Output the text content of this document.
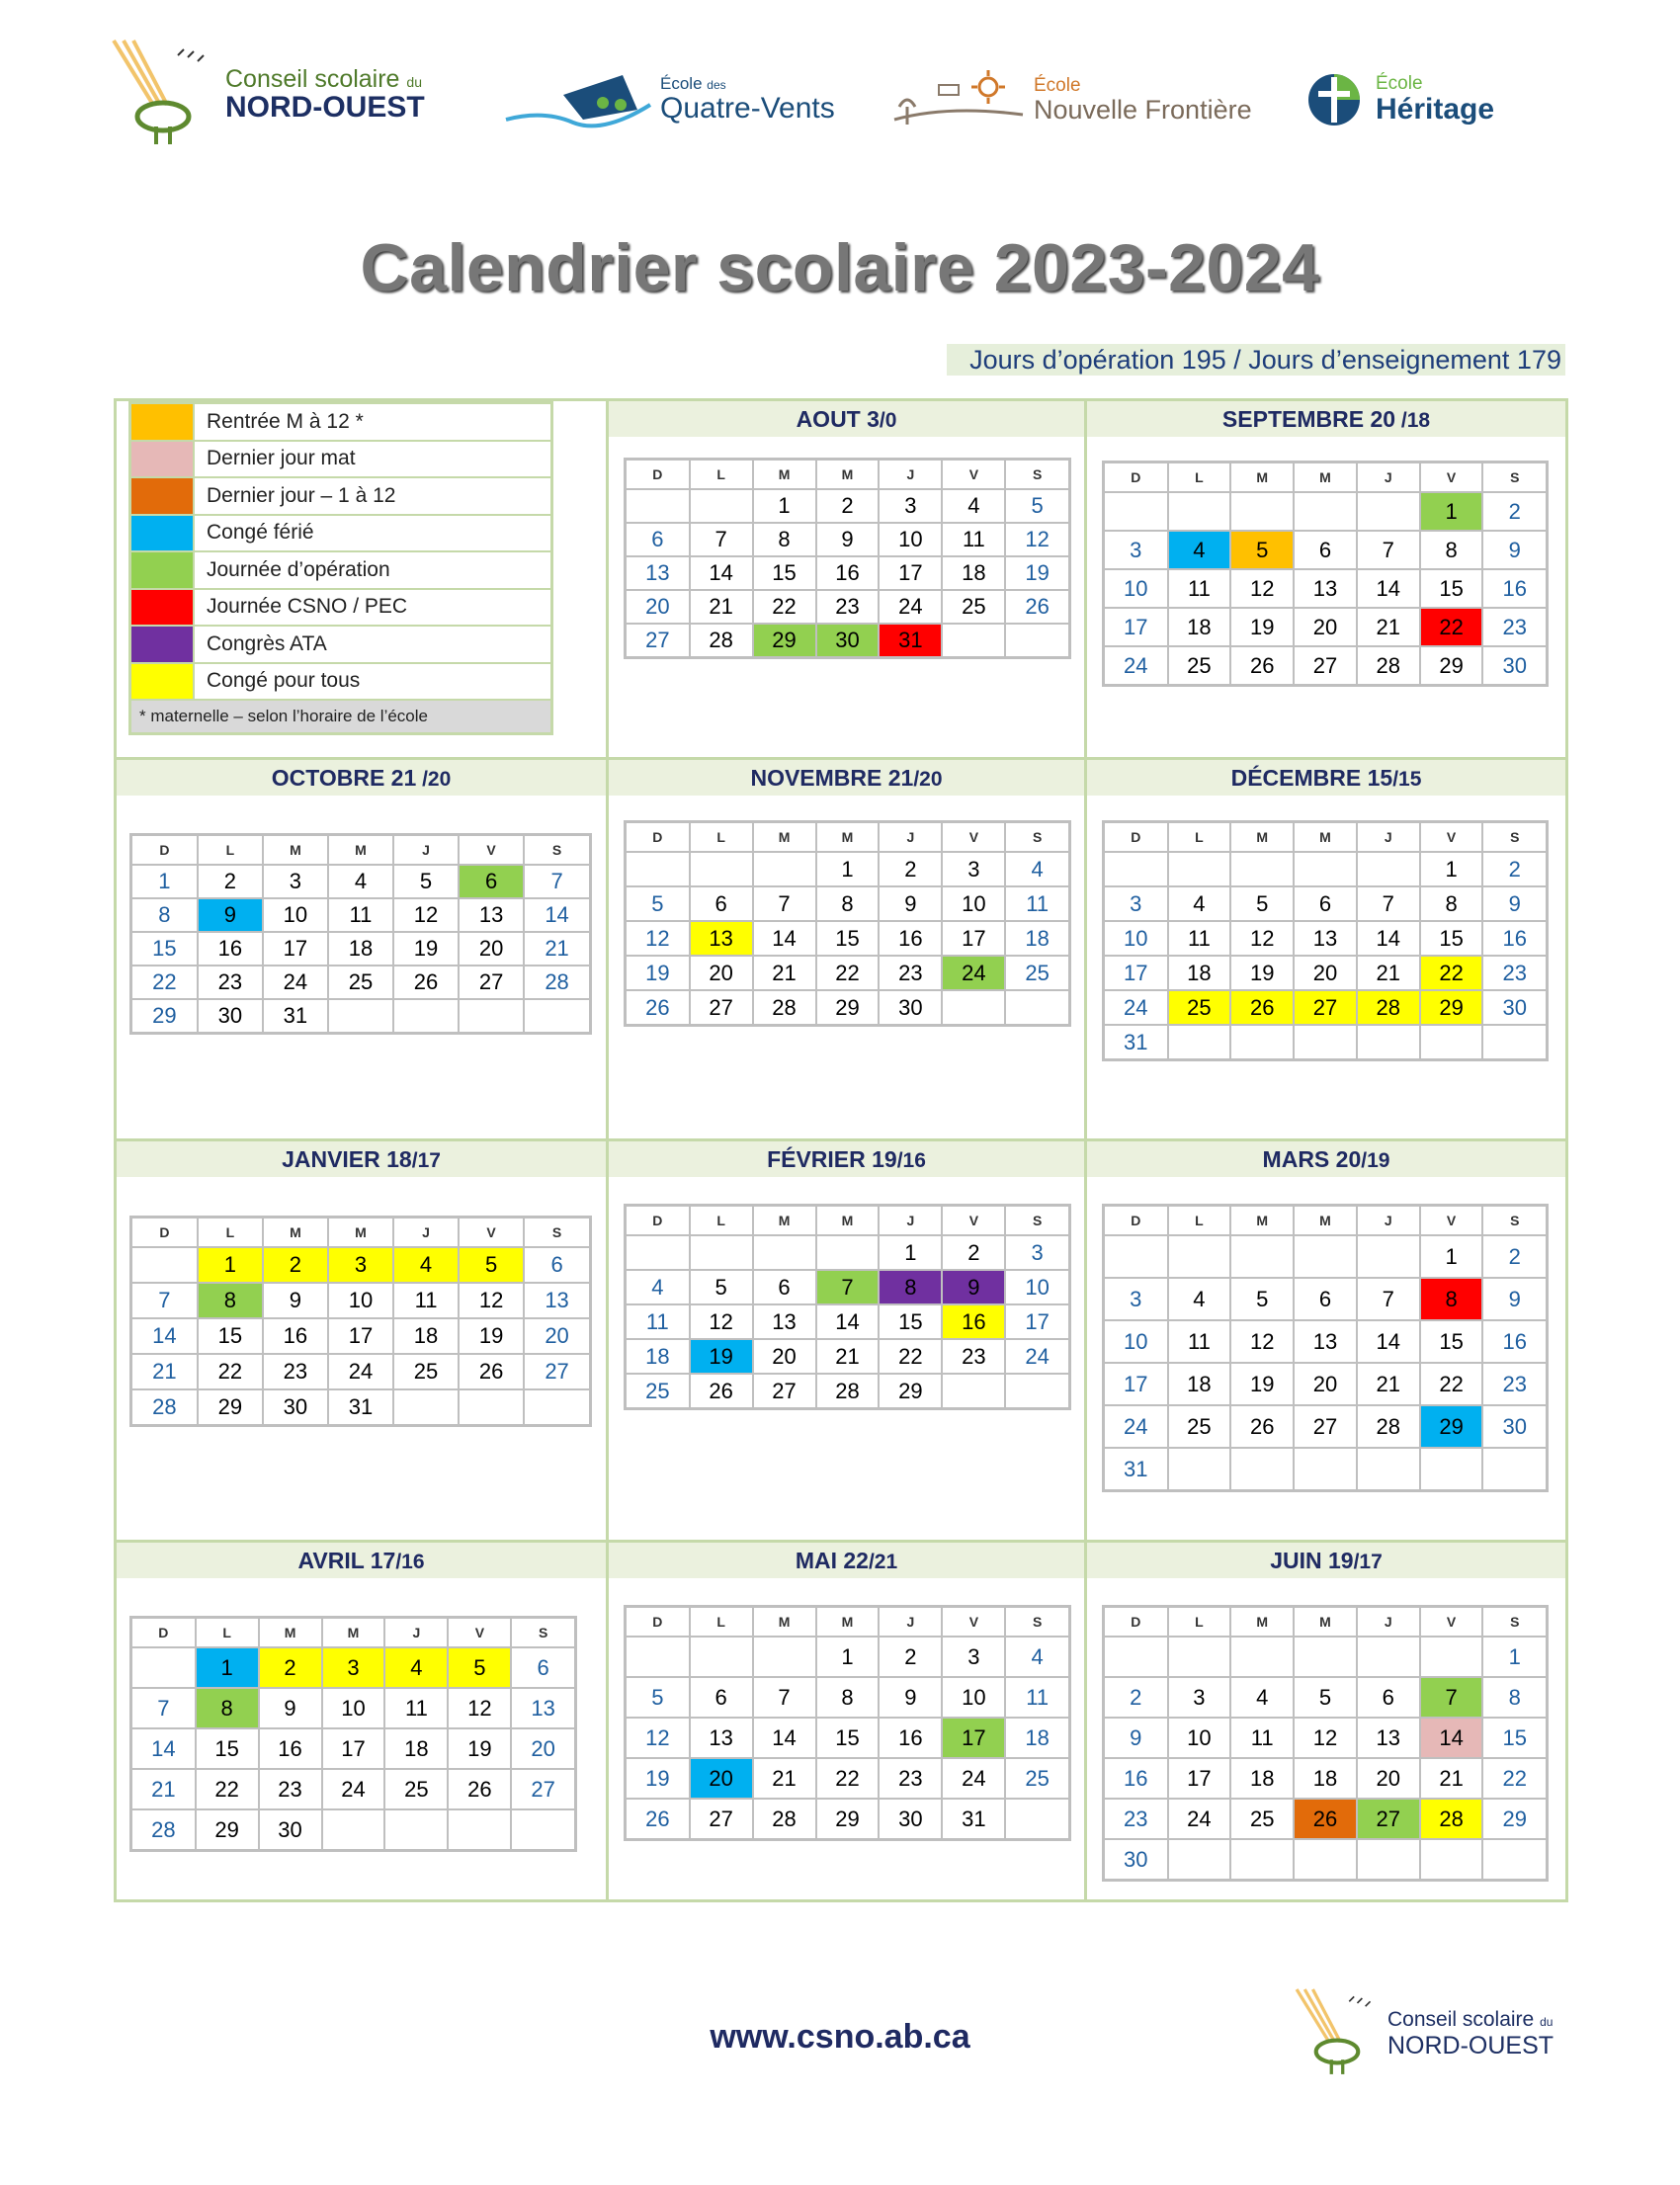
Conseil scolaire du
NORD-OUEST
École des
Quatre-Vents
École
Nouvelle Frontière
École
Héritage
Calendrier scolaire 2023-2024
Jours d’opération 195 / Jours d’enseignement 179
	Rentrée M à 12 *
	Dernier jour mat
	Dernier jour – 1 à 12
	Congé férié
	Journée d’opération
	Journée CSNO / PEC
	Congrès ATA
	Congé pour tous
* maternelle – selon l’horaire de l’école	
AOUT 3/0
D	L	M	M	J	V	S
		1	2	3	4	5
6	7	8	9	10	11	12
13	14	15	16	17	18	19
20	21	22	23	24	25	26
27	28	29	30	31		
SEPTEMBRE 20 /18
D	L	M	M	J	V	S
					1	2
3	4	5	6	7	8	9
10	11	12	13	14	15	16
17	18	19	20	21	22	23
24	25	26	27	28	29	30
OCTOBRE 21 /20
D	L	M	M	J	V	S
1	2	3	4	5	6	7
8	9	10	11	12	13	14
15	16	17	18	19	20	21
22	23	24	25	26	27	28
29	30	31				
NOVEMBRE 21/20
D	L	M	M	J	V	S
			1	2	3	4
5	6	7	8	9	10	11
12	13	14	15	16	17	18
19	20	21	22	23	24	25
26	27	28	29	30		
DÉCEMBRE 15/15
D	L	M	M	J	V	S
					1	2
3	4	5	6	7	8	9
10	11	12	13	14	15	16
17	18	19	20	21	22	23
24	25	26	27	28	29	30
31						
JANVIER 18/17
D	L	M	M	J	V	S
	1	2	3	4	5	6
7	8	9	10	11	12	13
14	15	16	17	18	19	20
21	22	23	24	25	26	27
28	29	30	31			
FÉVRIER 19/16
D	L	M	M	J	V	S
				1	2	3
4	5	6	7	8	9	10
11	12	13	14	15	16	17
18	19	20	21	22	23	24
25	26	27	28	29		
MARS 20/19
D	L	M	M	J	V	S
					1	2
3	4	5	6	7	8	9
10	11	12	13	14	15	16
17	18	19	20	21	22	23
24	25	26	27	28	29	30
31						
AVRIL 17/16
D	L	M	M	J	V	S
	1	2	3	4	5	6
7	8	9	10	11	12	13
14	15	16	17	18	19	20
21	22	23	24	25	26	27
28	29	30				
MAI 22/21
D	L	M	M	J	V	S
			1	2	3	4
5	6	7	8	9	10	11
12	13	14	15	16	17	18
19	20	21	22	23	24	25
26	27	28	29	30	31	
JUIN 19/17
D	L	M	M	J	V	S
						1
2	3	4	5	6	7	8
9	10	11	12	13	14	15
16	17	18	18	20	21	22
23	24	25	26	27	28	29
30						
www.csno.ab.ca	Conseil scolaire du
NORD-OUEST
